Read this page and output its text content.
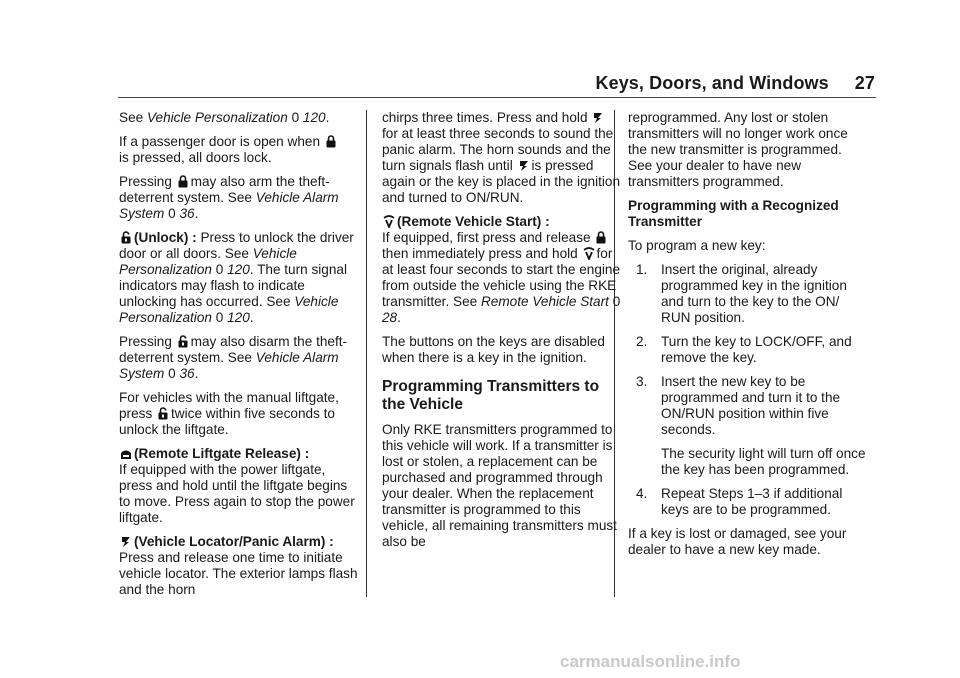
Keys, Doors, and Windows 27

See Vehicle Personalization 0 120.

If a passenger door is open when

is pressed, all doors lock.

Pressing
may also arm the theft-deterrent system. See Vehicle Alarm System 0 36.

(Unlock) : Press to unlock the driver door or all doors. See Vehicle Personalization 0 120. The turn signal indicators may flash to indicate unlocking has occurred. See Vehicle Personalization 0 120.

Pressing
may also disarm the theft-deterrent system. See Vehicle Alarm System 0 36.

For vehicles with the manual liftgate, press
twice within five seconds to unlock the liftgate.

(Remote Liftgate Release) :
If equipped with the power liftgate, press and hold until the liftgate begins to move. Press again to stop the power liftgate.

(Vehicle Locator/Panic Alarm) : Press and release one time to initiate vehicle locator. The exterior lamps flash and the horn

chirps three times. Press and hold
for at least three seconds to sound the panic alarm. The horn sounds and the turn signals flash until
is pressed again or the key is placed in the ignition and turned to ON/RUN.

(Remote Vehicle Start) :
If equipped, first press and release
then immediately press and hold
for at least four seconds to start the engine from outside the vehicle using the RKE transmitter. See Remote Vehicle Start 0 28.

The buttons on the keys are disabled when there is a key in the ignition.

Programming Transmitters to the Vehicle

Only RKE transmitters programmed to this vehicle will work. If a transmitter is lost or stolen, a replacement can be purchased and programmed through your dealer. When the replacement transmitter is programmed to this vehicle, all remaining transmitters must also be

reprogrammed. Any lost or stolen transmitters will no longer work once the new transmitter is programmed. See your dealer to have new transmitters programmed.

Programming with a Recognized Transmitter

To program a new key:

1. Insert the original, already programmed key in the ignition and turn to the key to the ON/ RUN position.
2. Turn the key to LOCK/OFF, and remove the key.
3. Insert the new key to be programmed and turn it to the ON/RUN position within five seconds.
The security light will turn off once the key has been programmed.
4. Repeat Steps 1–3 if additional keys are to be programmed.

If a key is lost or damaged, see your dealer to have a new key made.

carmanualsonline.info
